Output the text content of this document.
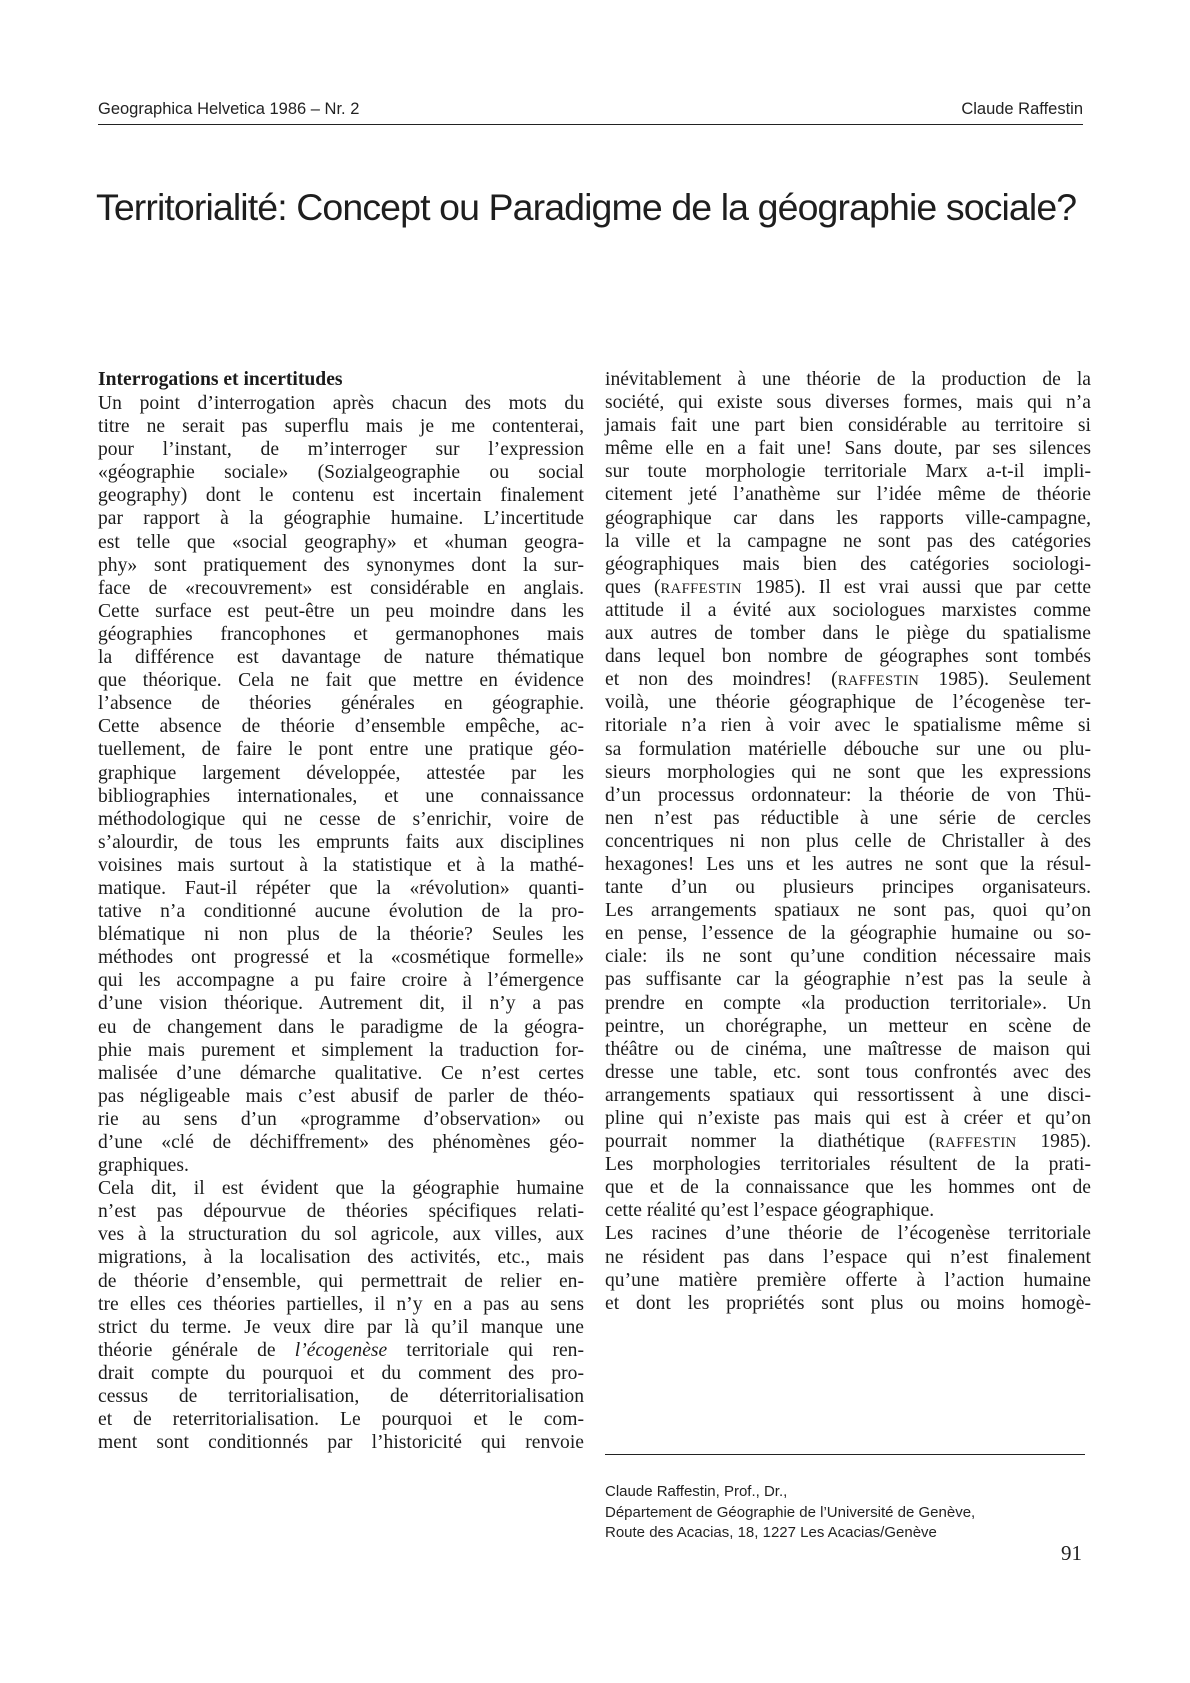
Geographica Helvetica 1986 – Nr. 2	Claude Raffestin
Territorialité: Concept ou Paradigme de la géographie sociale?
Interrogations et incertitudes
Un point d’interrogation après chacun des mots du
titre ne serait pas superflu mais je me contenterai,
pour l’instant, de m’interroger sur l’expression
«géographie sociale» (Sozialgeographie ou social
geography) dont le contenu est incertain finalement
par rapport à la géographie humaine. L’incertitude
est telle que «social geography» et «human geogra-
phy» sont pratiquement des synonymes dont la sur-
face de «recouvrement» est considérable en anglais.
Cette surface est peut-être un peu moindre dans les
géographies francophones et germanophones mais
la différence est davantage de nature thématique
que théorique. Cela ne fait que mettre en évidence
l’absence de théories générales en géographie.
Cette absence de théorie d’ensemble empêche, ac-
tuellement, de faire le pont entre une pratique géo-
graphique largement développée, attestée par les
bibliographies internationales, et une connaissance
méthodologique qui ne cesse de s’enrichir, voire de
s’alourdir, de tous les emprunts faits aux disciplines
voisines mais surtout à la statistique et à la mathé-
matique. Faut-il répéter que la «révolution» quanti-
tative n’a conditionné aucune évolution de la pro-
blématique ni non plus de la théorie? Seules les
méthodes ont progressé et la «cosmétique formelle»
qui les accompagne a pu faire croire à l’émergence
d’une vision théorique. Autrement dit, il n’y a pas
eu de changement dans le paradigme de la géogra-
phie mais purement et simplement la traduction for-
malisée d’une démarche qualitative. Ce n’est certes
pas négligeable mais c’est abusif de parler de théo-
rie au sens d’un «programme d’observation» ou
d’une «clé de déchiffrement» des phénomènes géo-
graphiques.
Cela dit, il est évident que la géographie humaine
n’est pas dépourvue de théories spécifiques relati-
ves à la structuration du sol agricole, aux villes, aux
migrations, à la localisation des activités, etc., mais
de théorie d’ensemble, qui permettrait de relier en-
tre elles ces théories partielles, il n’y en a pas au sens
strict du terme. Je veux dire par là qu’il manque une
théorie générale de l’écogenèse territoriale qui ren-
drait compte du pourquoi et du comment des pro-
cessus de territorialisation, de déterritorialisation
et de reterritorialisation. Le pourquoi et le com-
ment sont conditionnés par l’historicité qui renvoie
inévitablement à une théorie de la production de la
société, qui existe sous diverses formes, mais qui n’a
jamais fait une part bien considérable au territoire si
même elle en a fait une! Sans doute, par ses silences
sur toute morphologie territoriale Marx a-t-il impli-
citement jeté l’anathème sur l’idée même de théorie
géographique car dans les rapports ville-campagne,
la ville et la campagne ne sont pas des catégories
géographiques mais bien des catégories sociologi-
ques (RAFFESTIN 1985). Il est vrai aussi que par cette
attitude il a évité aux sociologues marxistes comme
aux autres de tomber dans le piège du spatialisme
dans lequel bon nombre de géographes sont tombés
et non des moindres! (RAFFESTIN 1985). Seulement
voilà, une théorie géographique de l’écogenèse ter-
ritoriale n’a rien à voir avec le spatialisme même si
sa formulation matérielle débouche sur une ou plu-
sieurs morphologies qui ne sont que les expressions
d’un processus ordonnateur: la théorie de von Thü-
nen n’est pas réductible à une série de cercles
concentriques ni non plus celle de Christaller à des
hexagones! Les uns et les autres ne sont que la résul-
tante d’un ou plusieurs principes organisateurs.
Les arrangements spatiaux ne sont pas, quoi qu’on
en pense, l’essence de la géographie humaine ou so-
ciale: ils ne sont qu’une condition nécessaire mais
pas suffisante car la géographie n’est pas la seule à
prendre en compte «la production territoriale». Un
peintre, un chorégraphe, un metteur en scène de
théâtre ou de cinéma, une maîtresse de maison qui
dresse une table, etc. sont tous confrontés avec des
arrangements spatiaux qui ressortissent à une disci-
pline qui n’existe pas mais qui est à créer et qu’on
pourrait nommer la diathétique (RAFFESTIN 1985).
Les morphologies territoriales résultent de la prati-
que et de la connaissance que les hommes ont de
cette réalité qu’est l’espace géographique.
Les racines d’une théorie de l’écogenèse territoriale
ne résident pas dans l’espace qui n’est finalement
qu’une matière première offerte à l’action humaine
et dont les propriétés sont plus ou moins homogè-
Claude Raffestin, Prof., Dr.,
Département de Géographie de l’Université de Genève,
Route des Acacias, 18, 1227 Les Acacias/Genève
91
